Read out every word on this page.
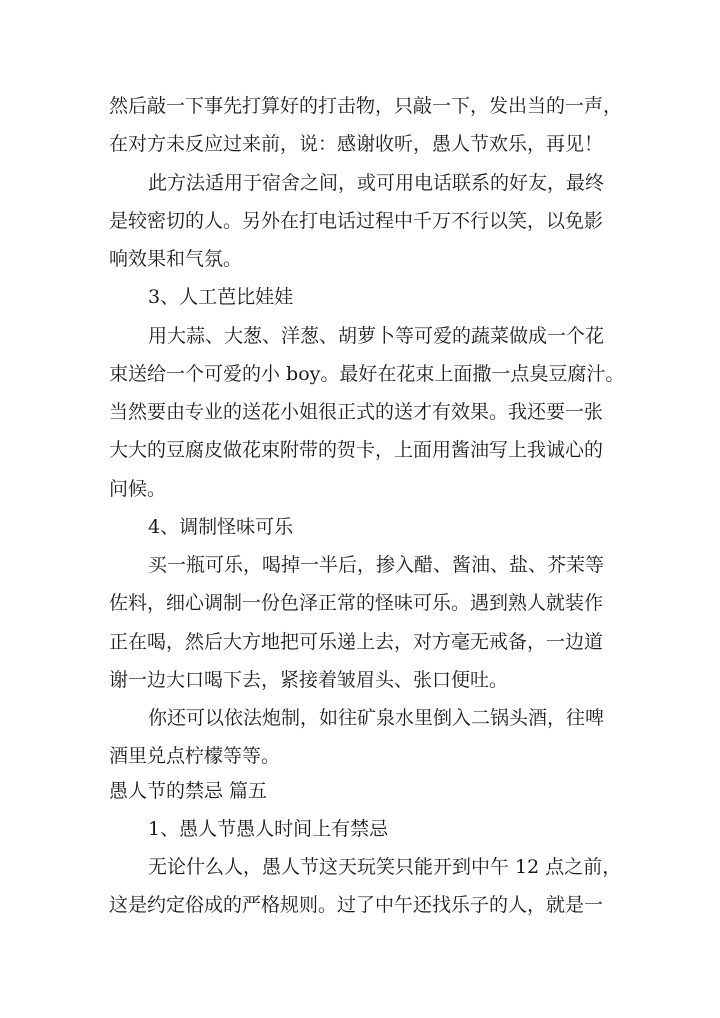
然后敲一下事先打算好的打击物，只敲一下，发出当的一声，

在对方未反应过来前，说：感谢收听，愚人节欢乐，再见！

此方法适用于宿舍之间，或可用电话联系的好友，最终

是较密切的人。另外在打电话过程中千万不行以笑，以免影

响效果和气氛。

3、人工芭比娃娃

用大蒜、大葱、洋葱、胡萝卜等可爱的蔬菜做成一个花

束送给一个可爱的小 boy。最好在花束上面撒一点臭豆腐汁。

当然要由专业的送花小姐很正式的送才有效果。我还要一张

大大的豆腐皮做花束附带的贺卡，上面用酱油写上我诚心的

问候。

4、调制怪味可乐

买一瓶可乐，喝掉一半后，掺入醋、酱油、盐、芥茉等

佐料，细心调制一份色泽正常的怪味可乐。遇到熟人就装作

正在喝，然后大方地把可乐递上去，对方毫无戒备，一边道

谢一边大口喝下去，紧接着皱眉头、张口便吐。

你还可以依法炮制，如往矿泉水里倒入二锅头酒，往啤

酒里兑点柠檬等等。

愚人节的禁忌 篇五

1、愚人节愚人时间上有禁忌

无论什么人，愚人节这天玩笑只能开到中午 12 点之前，

这是约定俗成的严格规则。过了中午还找乐子的人，就是一
